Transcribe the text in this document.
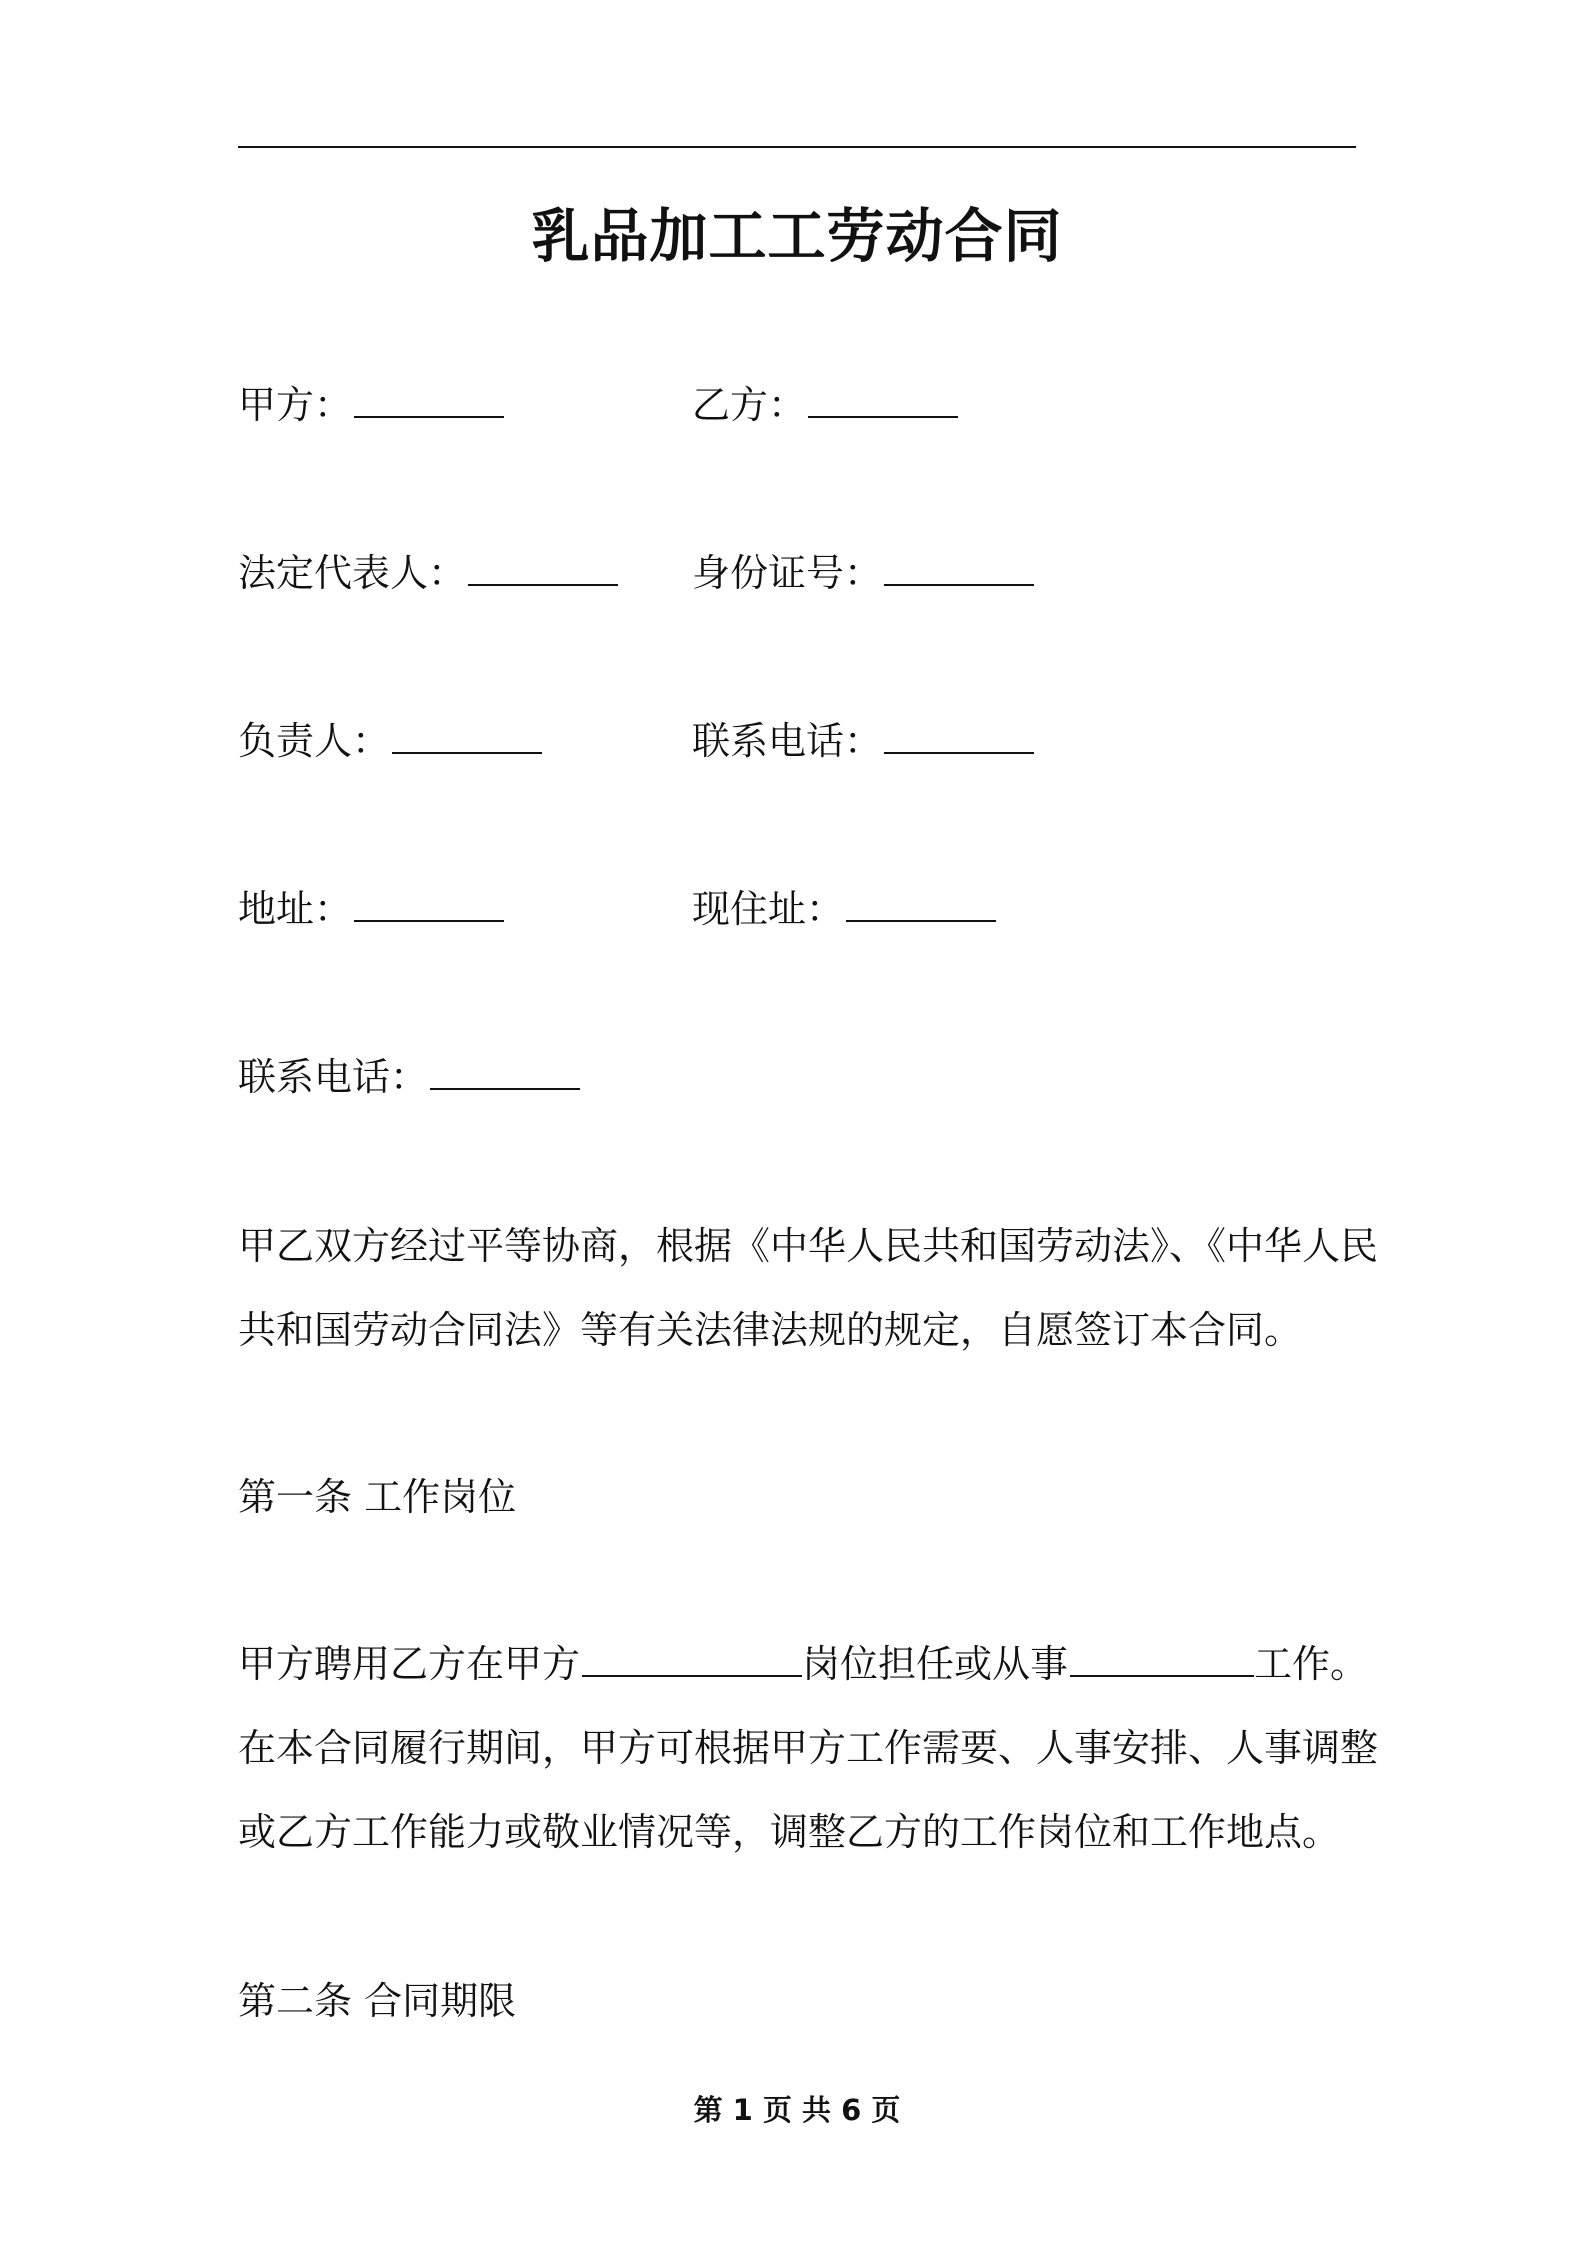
乳品加工工劳动合同
甲方：	乙方：
法定代表人：	身份证号：
负责人：	联系电话：
地址：	现住址：
联系电话：
甲乙双方经过平等协商，根据《中华人民共和国劳动法》、《中华人民
共和国劳动合同法》等有关法律法规的规定，自愿签订本合同。
第一条 工作岗位
甲方聘用乙方在甲方	岗位担任或从事	工作。
在本合同履行期间，甲方可根据甲方工作需要、人事安排、人事调整
或乙方工作能力或敬业情况等，调整乙方的工作岗位和工作地点。
第二条 合同期限
第 1 页 共 6 页
